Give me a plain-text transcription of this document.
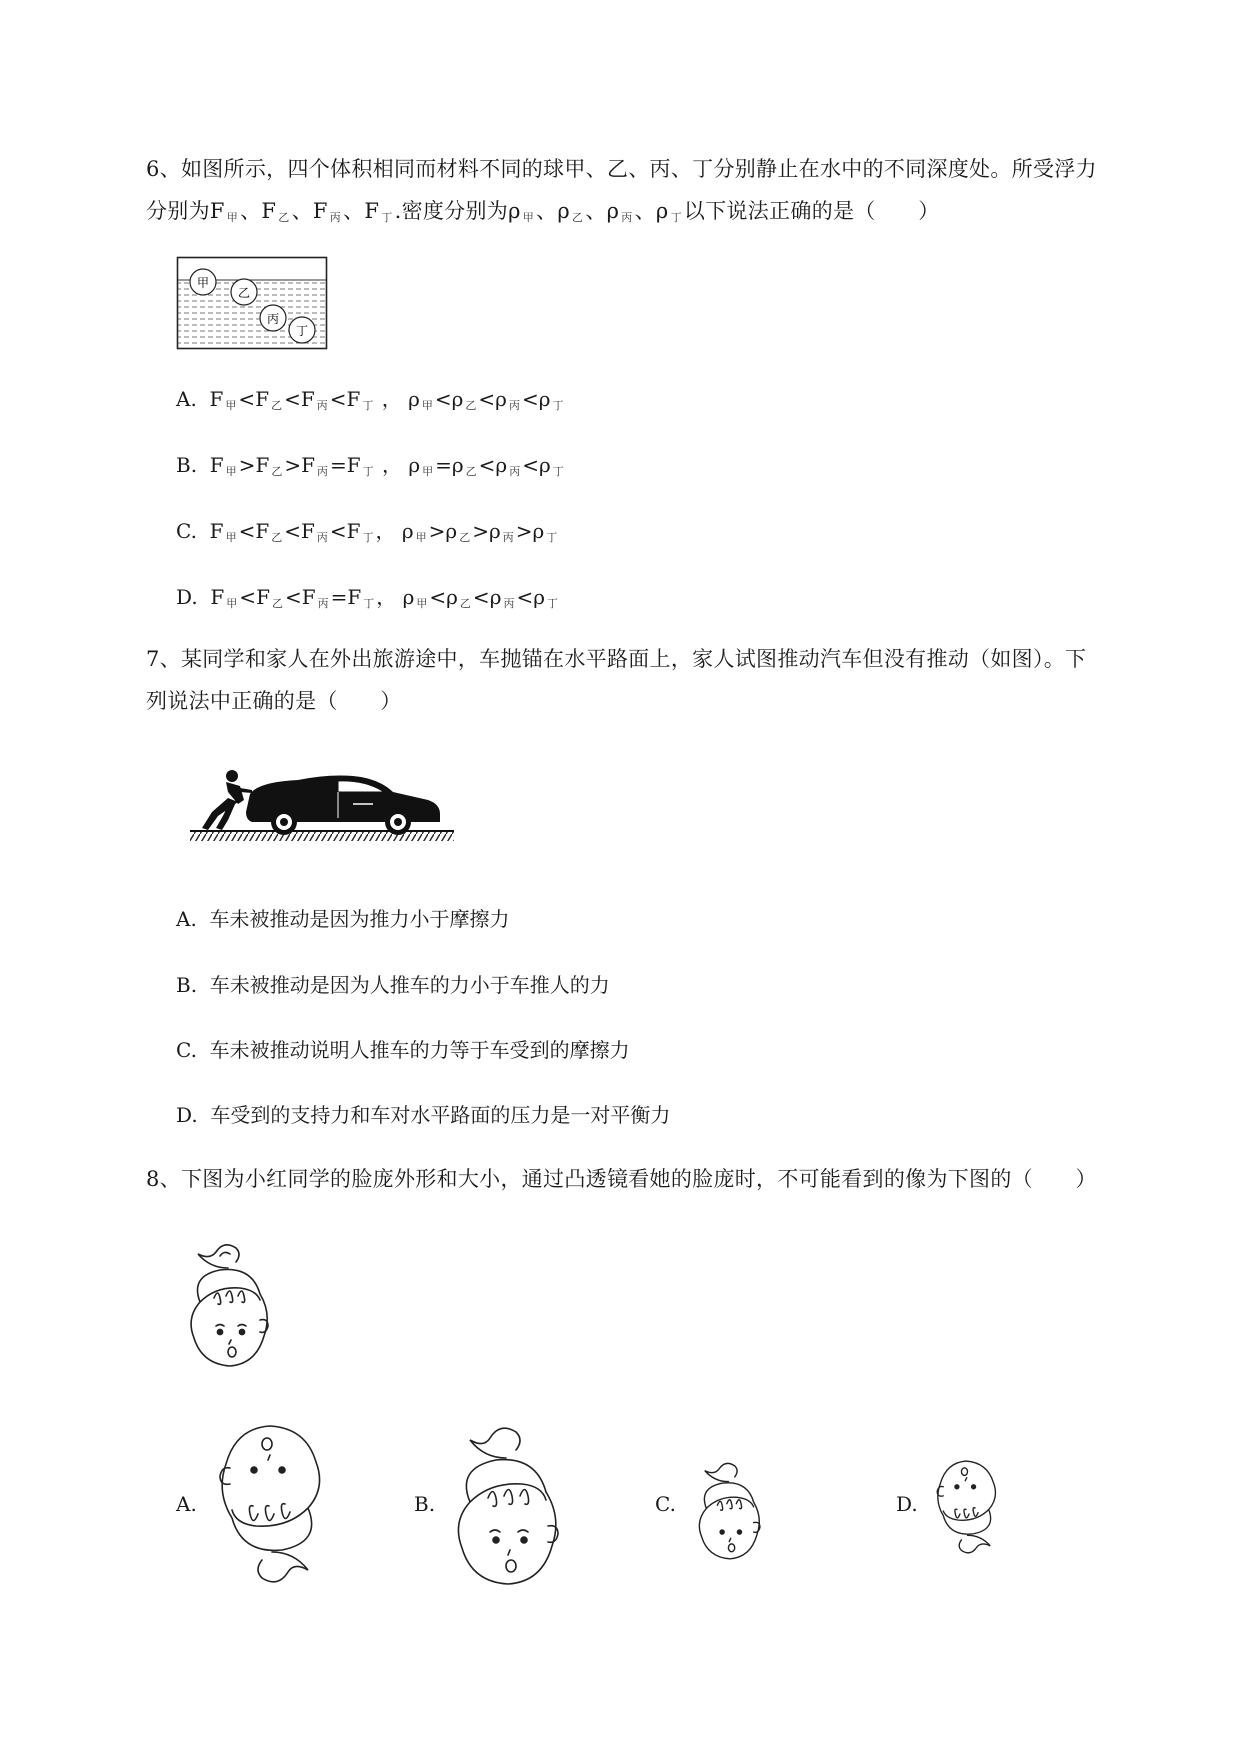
6、如图所示，四个体积相同而材料不同的球甲、乙、丙、丁分别静止在水中的不同深度处。所受浮力
分别为F $_甲$、F $_乙$、F $_丙$、F $_丁$.密度分别为ρ $_甲$、ρ $_乙$、ρ $_丙$、ρ $_丁$以下说法正确的是（　　）
甲
乙
丙
丁
A. F $_甲$ <F $_乙$ <F $_丙$ <F $_丁$ ， ρ $_甲$ <ρ $_乙$ <ρ $_丙$ <ρ $_丁$
B. F $_甲$ >F $_乙$ >F $_丙$ =F $_丁$ ， ρ $_甲$ =ρ $_乙$ <ρ $_丙$ <ρ $_丁$
C. F $_甲$ <F $_乙$ <F $_丙$ <F $_丁$ ， ρ $_甲$ >ρ $_乙$ >ρ $_丙$ >ρ $_丁$
D. F $_甲$ <F $_乙$ <F $_丙$ =F $_丁$ ， ρ $_甲$ <ρ $_乙$ <ρ $_丙$ <ρ $_丁$
7、某同学和家人在外出旅游途中，车抛锚在水平路面上，家人试图推动汽车但没有推动（如图）。下
列说法中正确的是（　　）
A. 车未被推动是因为推力小于摩擦力
B. 车未被推动是因为人推车的力小于车推人的力
C. 车未被推动说明人推车的力等于车受到的摩擦力
D. 车受到的支持力和车对水平路面的压力是一对平衡力
8、下图为小红同学的脸庞外形和大小，通过凸透镜看她的脸庞时，不可能看到的像为下图的（　　）
A.	B.	C.	D.
